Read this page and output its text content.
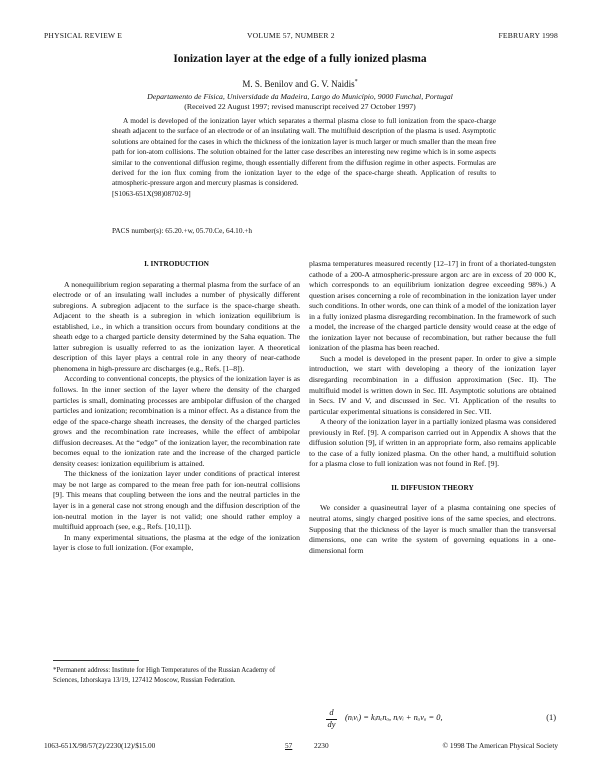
PHYSICAL REVIEW E	VOLUME 57, NUMBER 2	FEBRUARY 1998
Ionization layer at the edge of a fully ionized plasma
M. S. Benilov and G. V. Naidis*
Departamento de Física, Universidade da Madeira, Largo do Município, 9000 Funchal, Portugal
(Received 22 August 1997; revised manuscript received 27 October 1997)
A model is developed of the ionization layer which separates a thermal plasma close to full ionization from the space-charge sheath adjacent to the surface of an electrode or of an insulating wall. The multifluid description of the plasma is used. Asymptotic solutions are obtained for the cases in which the thickness of the ionization layer is much larger or much smaller than the mean free path for ion-atom collisions. The solution obtained for the latter case describes an interesting new regime which is in some aspects similar to the conventional diffusion regime, though essentially different from the diffusion regime in other aspects. Formulas are derived for the ion flux coming from the ionization layer to the edge of the space-charge sheath. Application of results to atmospheric-pressure argon and mercury plasmas is considered.
[S1063-651X(98)08702-9]
PACS number(s): 65.20.+w, 05.70.Ce, 64.10.+h
I. INTRODUCTION

A nonequilibrium region separating a thermal plasma from the surface of an electrode or of an insulating wall includes a number of physically different subregions. A subregion adjacent to the surface is the space-charge sheath. Adjacent to the sheath is a subregion in which ionization equilibrium is established, i.e., in which a transition occurs from boundary conditions at the sheath edge to a charged particle density determined by the Saha equation. The latter subregion is usually referred to as the ionization layer. A theoretical description of this layer plays a central role in any theory of near-cathode phenomena in high-pressure arc discharges (e.g., Refs. [1–8]).

According to conventional concepts, the physics of the ionization layer is as follows. In the inner section of the layer where the density of the charged particles is small, dominating processes are ambipolar diffusion of the charged particles and ionization; recombination is a minor effect. As a distance from the edge of the space-charge sheath increases, the density of the charged particles grows and the recombination rate increases, while the effect of ambipolar diffusion decreases. At the “edge” of the ionization layer, the recombination rate becomes equal to the ionization rate and the increase of the charged particle density ceases: ionization equilibrium is attained.

The thickness of the ionization layer under conditions of practical interest may be not large as compared to the mean free path for ion-neutral collisions [9]. This means that coupling between the ions and the neutral particles in the layer is in a general case not strong enough and the diffusion description of the ion-neutral motion in the layer is not valid; one should rather employ a multifluid approach (see, e.g., Refs. [10,11]).

In many experimental situations, the plasma at the edge of the ionization layer is close to full ionization. (For example,

plasma temperatures measured recently [12–17] in front of a thoriated-tungsten cathode of a 200-A atmospheric-pressure argon arc are in excess of 20 000 K, which corresponds to an equilibrium ionization degree exceeding 98%.) A question arises concerning a role of recombination in the ionization layer under such conditions. In other words, one can think of a model of the ionization layer in a fully ionized plasma disregarding recombination. In the framework of such a model, the increase of the charged particle density would cease at the edge of the ionization layer not because of recombination, but rather because the full ionization of the plasma has been reached.

Such a model is developed in the present paper. In order to give a simple introduction, we start with developing a theory of the ionization layer disregarding recombination in a diffusion approximation (Sec. II). The multifluid model is written down in Sec. III. Asymptotic solutions are obtained in Secs. IV and V, and discussed in Sec. VI. Application of the results to particular experimental situations is considered in Sec. VII.

A theory of the ionization layer in a partially ionized plasma was considered previously in Ref. [9]. A comparison carried out in Appendix A shows that the diffusion solution [9], if written in an appropriate form, also remains applicable to the case of a fully ionized plasma. On the other hand, a multifluid solution for a plasma close to full ionization was not found in Ref. [9].

II. DIFFUSION THEORY

We consider a quasineutral layer of a plasma containing one species of neutral atoms, singly charged positive ions of the same species, and electrons. Supposing that the thickness of the layer is much smaller than the transversal dimensions, one can write the system of governing equations in a one-dimensional form

d
dy
(nᵢvᵢ) = kᵢnₑnₐ, nᵢvᵢ + nₐvₐ = 0,	(1)
*Permanent address: Institute for High Temperatures of the Russian Academy of Sciences, Izhorskaya 13/19, 127412 Moscow, Russian Federation.
1063-651X/98/57(2)/2230(12)/$15.00	57	2230	© 1998 The American Physical Society
